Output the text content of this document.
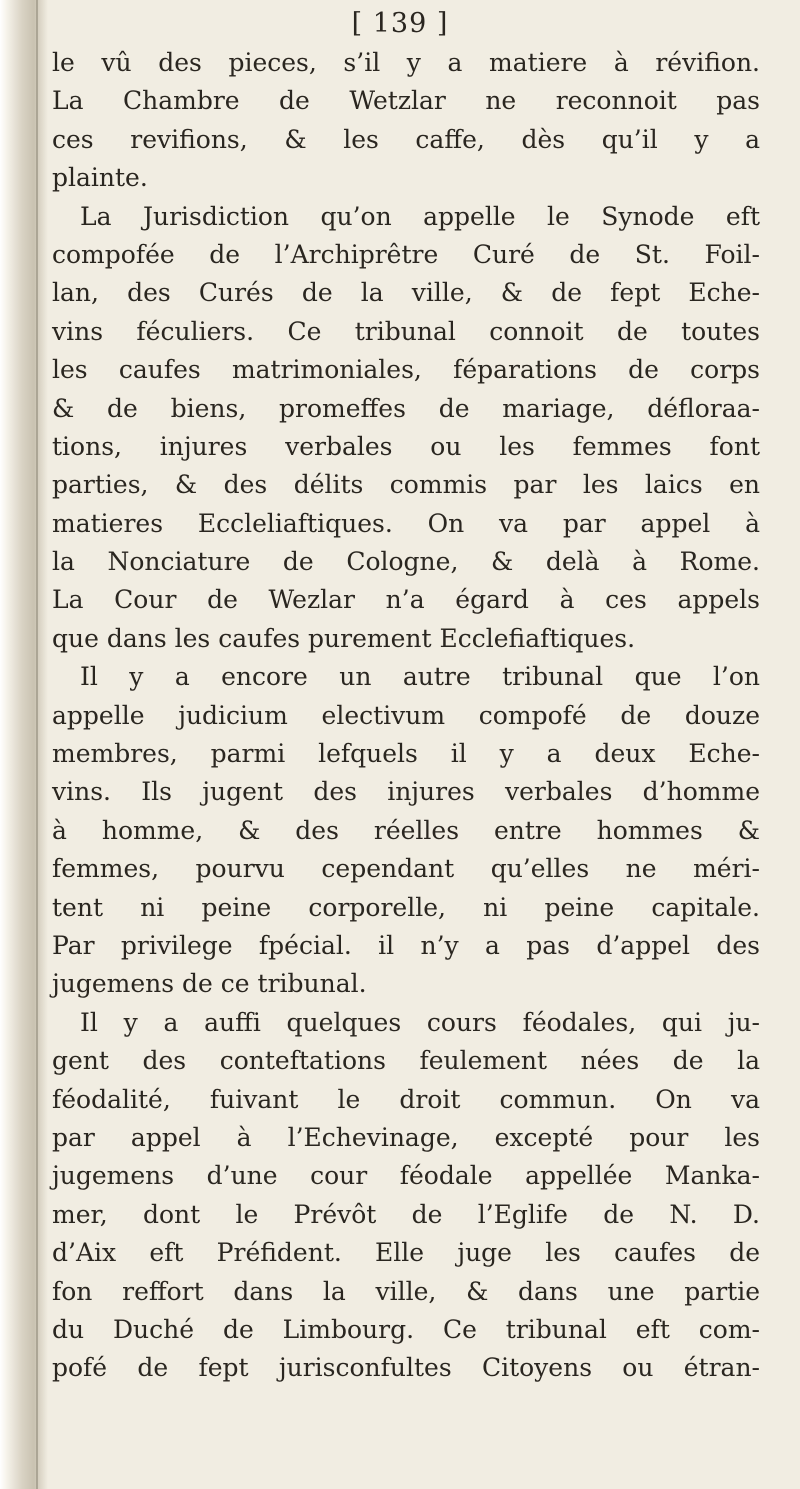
[ 139 ]
le vû des pieces, s’il y a matiere à révifion.
La Chambre de Wetzlar ne reconnoit pas
ces revifions, & les caffe, dès qu’il y a
plainte.
La Jurisdiction qu’on appelle le Synode eft
compofée de l’Archiprêtre Curé de St. Foil-
lan, des Curés de la ville, & de fept Eche-
vins féculiers. Ce tribunal connoit de toutes
les caufes matrimoniales, féparations de corps
& de biens, promeffes de mariage, défloraa-
tions, injures verbales ou les femmes font
parties, & des délits commis par les laics en
matieres Eccleliaftiques. On va par appel à
la Nonciature de Cologne, & delà à Rome.
La Cour de Wezlar n’a égard à ces appels
que dans les caufes purement Ecclefiaftiques.
Il y a encore un autre tribunal que l’on
appelle judicium electivum compofé de douze
membres, parmi lefquels il y a deux Eche-
vins. Ils jugent des injures verbales d’homme
à homme, & des réelles entre hommes &
femmes, pourvu cependant qu’elles ne méri-
tent ni peine corporelle, ni peine capitale.
Par privilege fpécial. il n’y a pas d’appel des
jugemens de ce tribunal.
Il y a auffi quelques cours féodales, qui ju-
gent des conteftations feulement nées de la
féodalité, fuivant le droit commun. On va
par appel à l’Echevinage, excepté pour les
jugemens d’une cour féodale appellée Manka-
mer, dont le Prévôt de l’Eglife de N. D.
d’Aix eft Préfident. Elle juge les caufes de
fon reffort dans la ville, & dans une partie
du Duché de Limbourg. Ce tribunal eft com-
pofé de fept jurisconfultes Citoyens ou étran-
